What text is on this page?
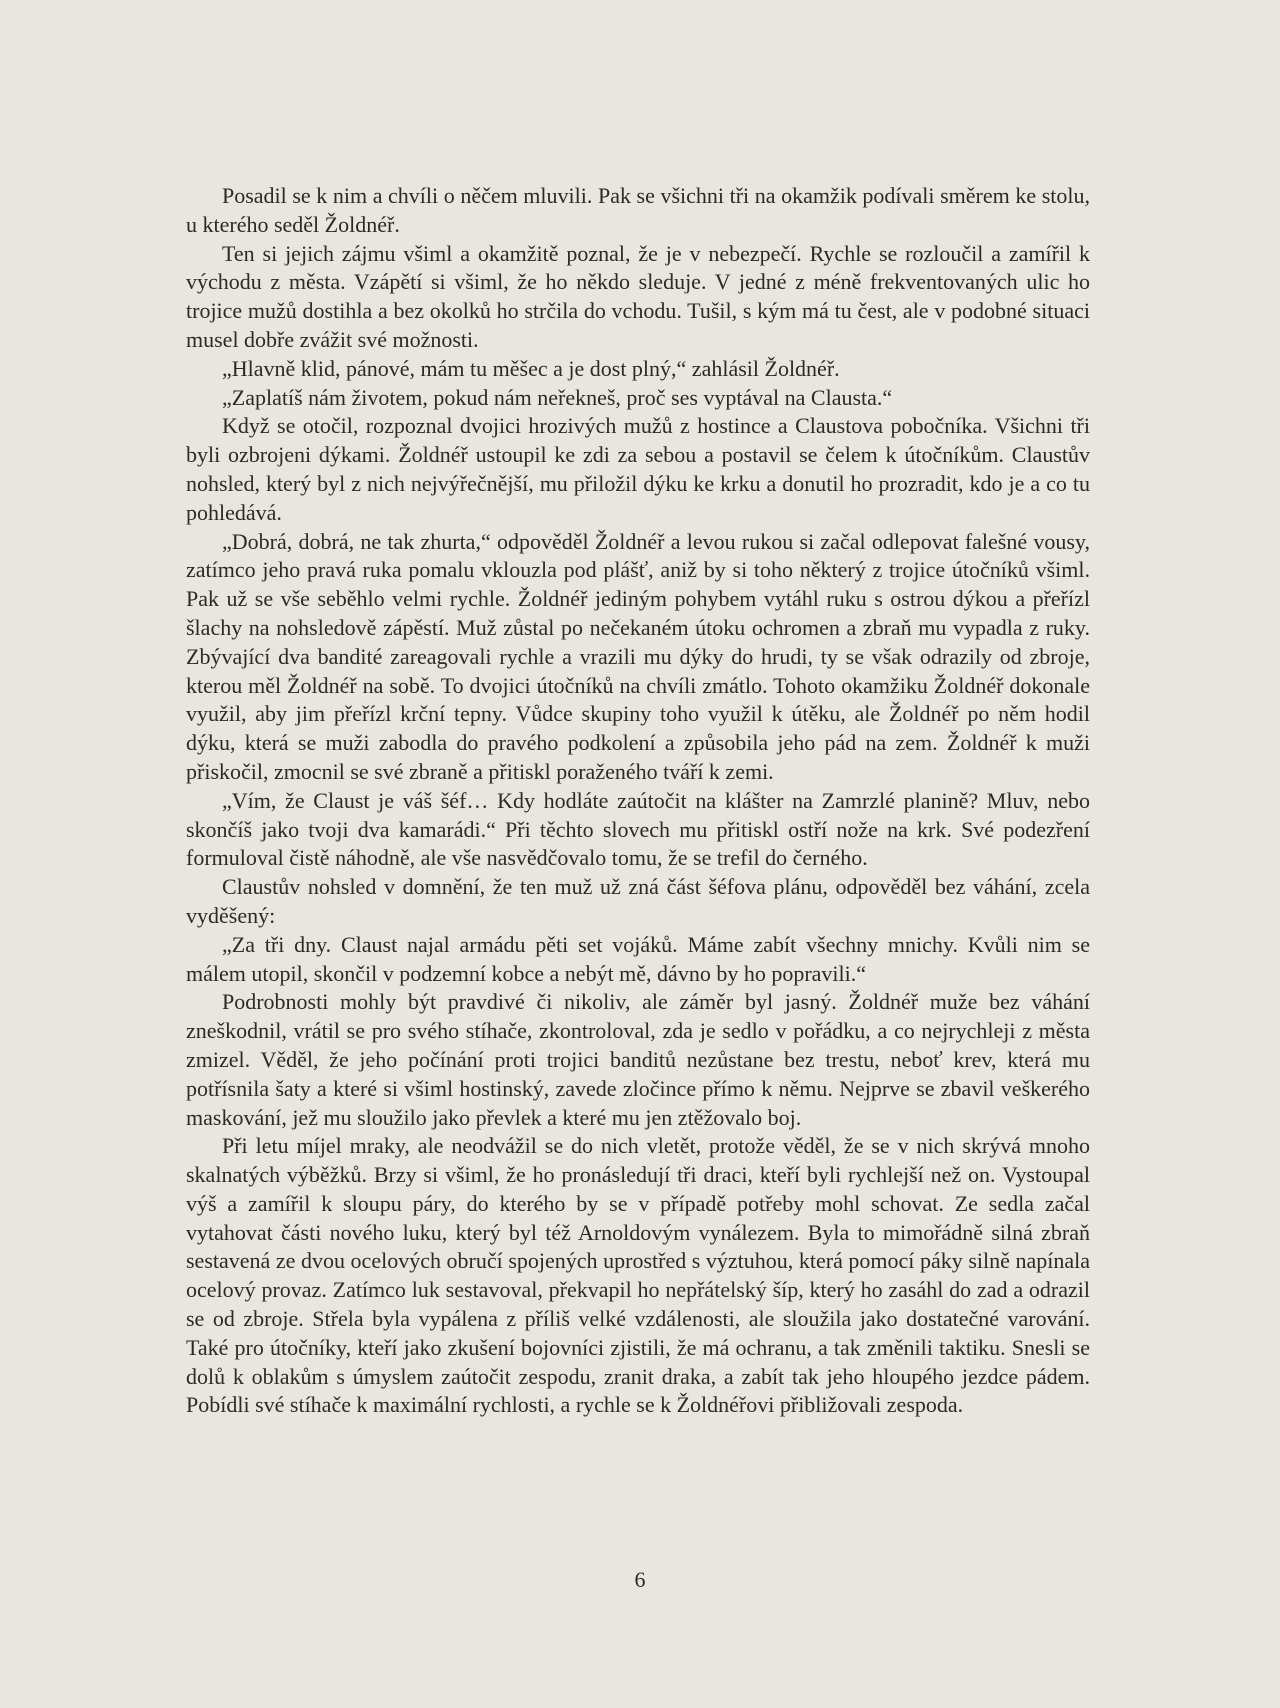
Posadil se k nim a chvíli o něčem mluvili. Pak se všichni tři na okamžik podívali směrem ke stolu, u kterého seděl Žoldnéř.

Ten si jejich zájmu všiml a okamžitě poznal, že je v nebezpečí. Rychle se rozloučil a zamířil k východu z města. Vzápětí si všiml, že ho někdo sleduje. V jedné z méně frekventovaných ulic ho trojice mužů dostihla a bez okolků ho strčila do vchodu. Tušil, s kým má tu čest, ale v podobné situaci musel dobře zvážit své možnosti.

„Hlavně klid, pánové, mám tu měšec a je dost plný,“ zahlásil Žoldnéř.

„Zaplatíš nám životem, pokud nám neřekneš, proč ses vyptával na Clausta.“

Když se otočil, rozpoznal dvojici hrozivých mužů z hostince a Claustova pobočníka. Všichni tři byli ozbrojeni dýkami. Žoldnéř ustoupil ke zdi za sebou a postavil se čelem k útočníkům. Claustův nohsled, který byl z nich nejvýřečnější, mu přiložil dýku ke krku a donutil ho prozradit, kdo je a co tu pohledává.

„Dobrá, dobrá, ne tak zhurta,“ odpověděl Žoldnéř a levou rukou si začal odlepovat falešné vousy, zatímco jeho pravá ruka pomalu vklouzla pod plášť, aniž by si toho některý z trojice útočníků všiml. Pak už se vše seběhlo velmi rychle. Žoldnéř jediným pohybem vytáhl ruku s ostrou dýkou a přeřízl šlachy na nohsledově zápěstí. Muž zůstal po nečekaném útoku ochromen a zbraň mu vypadla z ruky. Zbývající dva bandité zareagovali rychle a vrazili mu dýky do hrudi, ty se však odrazily od zbroje, kterou měl Žoldnéř na sobě. To dvojici útočníků na chvíli zmátlo. Tohoto okamžiku Žoldnéř dokonale využil, aby jim přeřízl krční tepny. Vůdce skupiny toho využil k útěku, ale Žoldnéř po něm hodil dýku, která se muži zabodla do pravého podkolení a způsobila jeho pád na zem. Žoldnéř k muži přiskočil, zmocnil se své zbraně a přitiskl poraženého tváří k zemi.

„Vím, že Claust je váš šéf… Kdy hodláte zaútočit na klášter na Zamrzlé planině? Mluv, nebo skončíš jako tvoji dva kamarádi.“ Při těchto slovech mu přitiskl ostří nože na krk. Své podezření formuloval čistě náhodně, ale vše nasvědčovalo tomu, že se trefil do černého.

Claustův nohsled v domnění, že ten muž už zná část šéfova plánu, odpověděl bez váhání, zcela vyděšený:

„Za tři dny. Claust najal armádu pěti set vojáků. Máme zabít všechny mnichy. Kvůli nim se málem utopil, skončil v podzemní kobce a nebýt mě, dávno by ho popravili.“

Podrobnosti mohly být pravdivé či nikoliv, ale záměr byl jasný. Žoldnéř muže bez váhání zneškodnil, vrátil se pro svého stíhače, zkontroloval, zda je sedlo v pořádku, a co nejrychleji z města zmizel. Věděl, že jeho počínání proti trojici banditů nezůstane bez trestu, neboť krev, která mu potřísnila šaty a které si všiml hostinský, zavede zločince přímo k němu. Nejprve se zbavil veškerého maskování, jež mu sloužilo jako převlek a které mu jen ztěžovalo boj.

Při letu míjel mraky, ale neodvážil se do nich vletět, protože věděl, že se v nich skrývá mnoho skalnatých výběžků. Brzy si všiml, že ho pronásledují tři draci, kteří byli rychlejší než on. Vystoupal výš a zamířil k sloupu páry, do kterého by se v případě potřeby mohl schovat. Ze sedla začal vytahovat části nového luku, který byl též Arnoldovým vynálezem. Byla to mimořádně silná zbraň sestavená ze dvou ocelových obručí spojených uprostřed s výztuhou, která pomocí páky silně napínala ocelový provaz. Zatímco luk sestavoval, překvapil ho nepřátelský šíp, který ho zasáhl do zad a odrazil se od zbroje. Střela byla vypálena z příliš velké vzdálenosti, ale sloužila jako dostatečné varování. Také pro útočníky, kteří jako zkušení bojovníci zjistili, že má ochranu, a tak změnili taktiku. Snesli se dolů k oblakům s úmyslem zaútočit zespodu, zranit draka, a zabít tak jeho hloupého jezdce pádem. Pobídli své stíhače k maximální rychlosti, a rychle se k Žoldnéřovi přibližovali zespoda.

6
